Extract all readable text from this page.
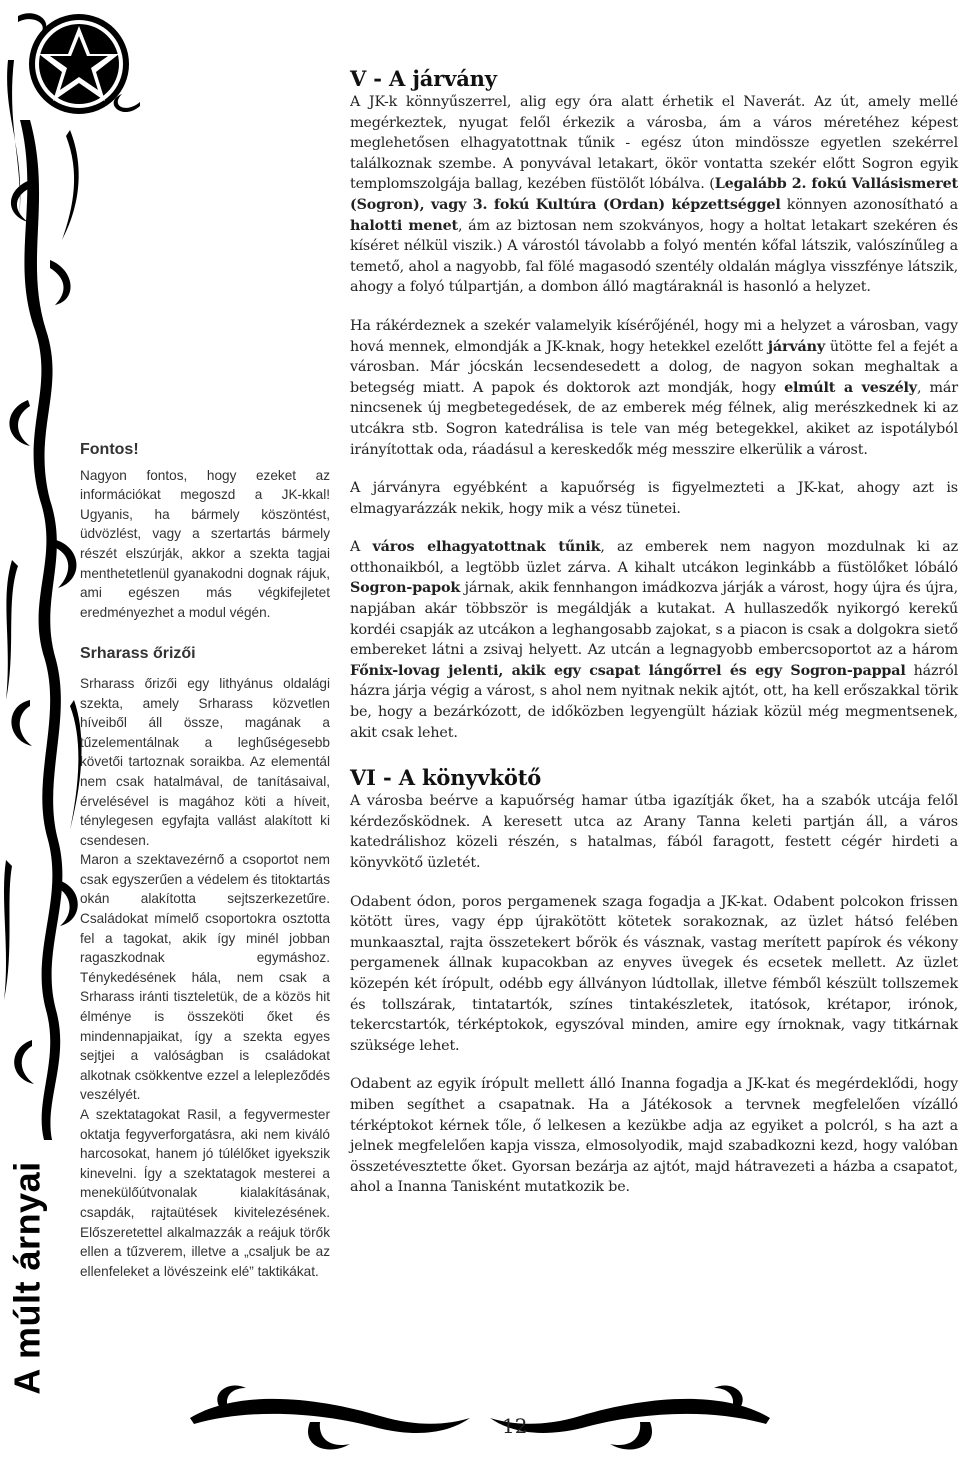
A múlt árnyai
Fontos!

Nagyon fontos, hogy ezeket az információkat megoszd a JK-kkal! Ugyanis, ha bármely köszöntést, üdvözlést, vagy a szertartás bármely részét elszúrják, akkor a szekta tagjai menthetetlenül gyanakodni dognak rájuk, ami egészen más végkifejletet eredményezhet a modul végén.

Srharass őrizői

Srharass őrizői egy lithyánus oldalági szekta, amely Srharass közvetlen híveiből áll össze, magának a tűzelementálnak a leghűségesebb követői tartoznak soraikba. Az elementál nem csak hatalmával, de tanításaival, érvelésével is magához köti a híveit, ténylegesen egyfajta vallást alakított ki csendesen.

Maron a szektavezérnő a csoportot nem csak egyszerűen a védelem és titoktartás okán alakította sejtszerkezetűre. Családokat mímelő csoportokra osztotta fel a tagokat, akik így minél jobban ragaszkodnak egymáshoz. Ténykedésének hála, nem csak a Srharass iránti tiszteletük, de a közös hit élménye is összeköti őket és mindennapjaikat, így a szekta egyes sejtjei a valóságban is családokat alkotnak csökkentve ezzel a lelepleződés veszélyét.

A szektatagokat Rasil, a fegyvermester oktatja fegyverforgatásra, aki nem kiváló harcosokat, hanem jó túlélőket igyekszik kinevelni. Így a szektatagok mesterei a menekülőútvonalak kialakításának, csapdák, rajtaütések kivitelezésének. Előszeretettel alkalmazzák a reájuk törők ellen a tűzverem, illetve a „csaljuk be az ellenfeleket a lövészeink elé” taktikákat.

V - A járvány

A JK-k könnyűszerrel, alig egy óra alatt érhetik el Naverát. Az út, amely mellé megérkeztek, nyugat felől érkezik a városba, ám a város méretéhez képest meglehetősen elhagyatottnak tűnik - egész úton mindössze egyetlen szekérrel találkoznak szembe. A ponyvával letakart, ökör vontatta szekér előtt Sogron egyik templomszolgája ballag, kezében füstölőt lóbálva. (Legalább 2. fokú Vallásismeret (Sogron), vagy 3. fokú Kultúra (Ordan) képzettséggel könnyen azonosítható a halotti menet, ám az biztosan nem szokványos, hogy a holtat letakart szekéren és kíséret nélkül viszik.) A várostól távolabb a folyó mentén kőfal látszik, valószínűleg a temető, ahol a nagyobb, fal fölé magasodó szentély oldalán máglya visszfénye látszik, ahogy a folyó túlpartján, a dombon álló magtáraknál is hasonló a helyzet.

Ha rákérdeznek a szekér valamelyik kísérőjénél, hogy mi a helyzet a városban, vagy hová mennek, elmondják a JK-knak, hogy hetekkel ezelőtt járvány ütötte fel a fejét a városban. Már jócskán lecsendesedett a dolog, de nagyon sokan meghaltak a betegség miatt. A papok és doktorok azt mondják, hogy elmúlt a veszély, már nincsenek új megbetegedések, de az emberek még félnek, alig merészkednek ki az utcákra stb. Sogron katedrálisa is tele van még betegekkel, akiket az ispotályból irányítottak oda, ráadásul a kereskedők még messzire elkerülik a várost.

A járványra egyébként a kapuőrség is figyelmezteti a JK-kat, ahogy azt is elmagyarázzák nekik, hogy mik a vész tünetei.

A város elhagyatottnak tűnik, az emberek nem nagyon mozdulnak ki az otthonaikból, a legtöbb üzlet zárva. A kihalt utcákon leginkább a füstölőket lóbáló Sogron-papok járnak, akik fennhangon imádkozva járják a várost, hogy újra és újra, napjában akár többször is megáldják a kutakat. A hullaszedők nyikorgó kerekű kordéi csapják az utcákon a leghangosabb zajokat, s a piacon is csak a dolgokra siető embereket látni a zsivaj helyett. Az utcán a legnagyobb embercsoportot az a három Főnix-lovag jelenti, akik egy csapat lángőrrel és egy Sogron-pappal házról házra járja végig a várost, s ahol nem nyitnak nekik ajtót, ott, ha kell erőszakkal törik be, hogy a bezárkózott, de időközben legyengült háziak közül még megmentsenek, akit csak lehet.

VI - A könyvkötő

A városba beérve a kapuőrség hamar útba igazítják őket, ha a szabók utcája felől kérdezősködnek. A keresett utca az Arany Tanna keleti partján áll, a város katedrálishoz közeli részén, s hatalmas, fából faragott, festett cégér hirdeti a könyvkötő üzletét.

Odabent ódon, poros pergamenek szaga fogadja a JK-kat. Odabent polcokon frissen kötött üres, vagy épp újrakötött kötetek sorakoznak, az üzlet hátsó felében munkaasztal, rajta összetekert bőrök és vásznak, vastag merített papírok és vékony pergamenek állnak kupacokban az enyves üvegek és ecsetek mellett. Az üzlet közepén két írópult, odébb egy állványon lúdtollak, illetve fémből készült tollszemek és tollszárak, tintatartók, színes tintakészletek, itatósok, krétapor, irónok, tekercstartók, térképtokok, egyszóval minden, amire egy írnoknak, vagy titkárnak szüksége lehet.

Odabent az egyik írópult mellett álló Inanna fogadja a JK-kat és megérdeklődi, hogy miben segíthet a csapatnak. Ha a Játékosok a tervnek megfelelően vízálló térképtokot kérnek tőle, ő lelkesen a kezükbe adja az egyiket a polcról, s ha azt a jelnek megfelelően kapja vissza, elmosolyodik, majd szabadkozni kezd, hogy valóban összetévesztette őket. Gyorsan bezárja az ajtót, majd hátravezeti a házba a csapatot, ahol a Inanna Tanisként mutatkozik be.

12
